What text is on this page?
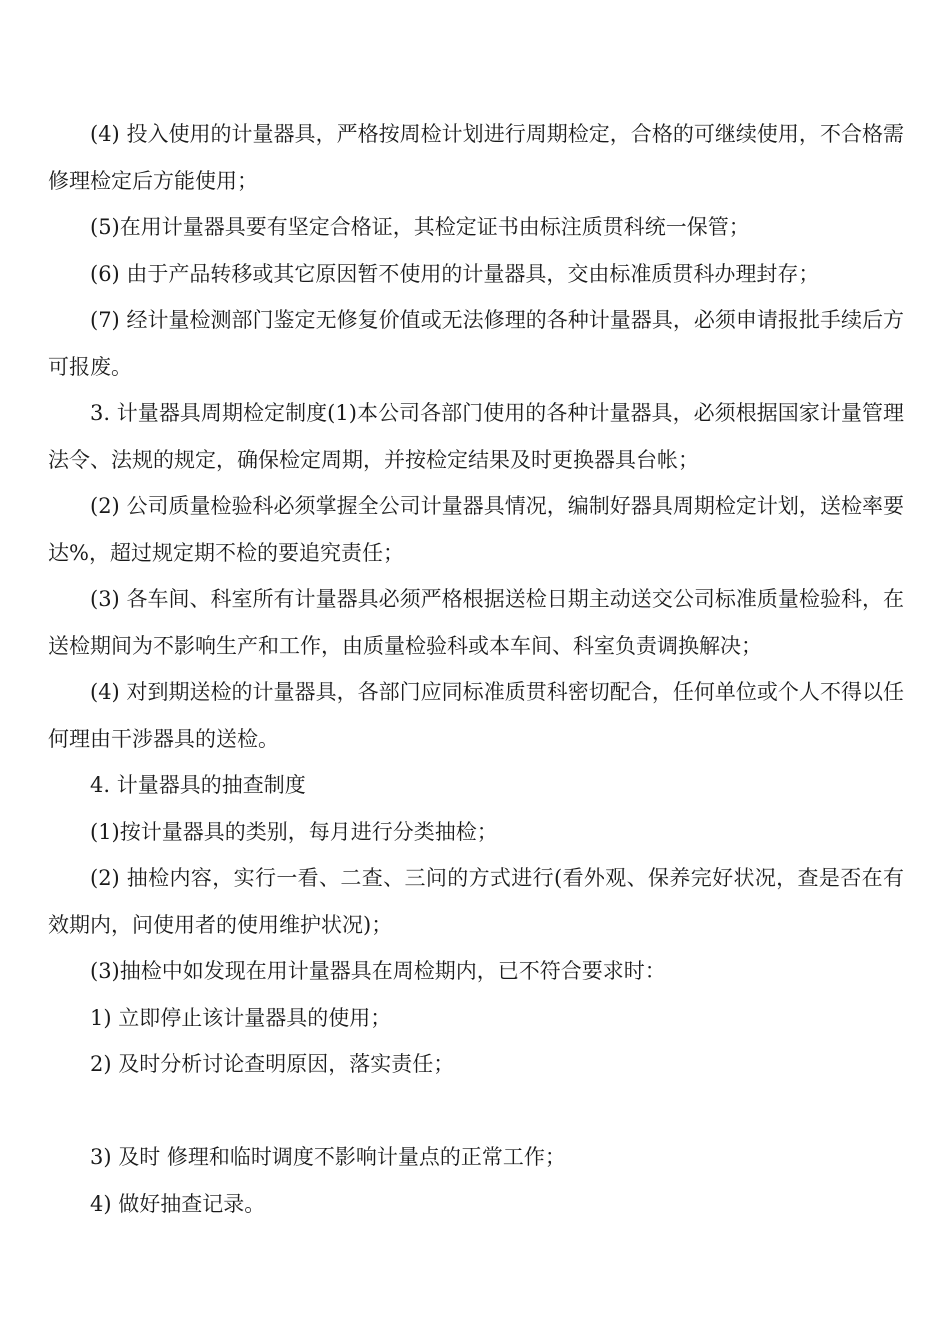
(4) 投入使用的计量器具，严格按周检计划进行周期检定，合格的可继续使用，不合格需修理检定后方能使用；

(5)在用计量器具要有坚定合格证，其检定证书由标注质贯科统一保管；

(6) 由于产品转移或其它原因暂不使用的计量器具，交由标准质贯科办理封存；

(7) 经计量检测部门鉴定无修复价值或无法修理的各种计量器具，必须申请报批手续后方可报废。

3. 计量器具周期检定制度(1)本公司各部门使用的各种计量器具，必须根据国家计量管理法令、法规的规定，确保检定周期，并按检定结果及时更换器具台帐；

(2) 公司质量检验科必须掌握全公司计量器具情况，编制好器具周期检定计划，送检率要达%，超过规定期不检的要追究责任；

(3) 各车间、科室所有计量器具必须严格根据送检日期主动送交公司标准质量检验科，在送检期间为不影响生产和工作，由质量检验科或本车间、科室负责调换解决；

(4) 对到期送检的计量器具，各部门应同标准质贯科密切配合，任何单位或个人不得以任何理由干涉器具的送检。

4. 计量器具的抽查制度

(1)按计量器具的类别，每月进行分类抽检；

(2) 抽检内容，实行一看、二查、三问的方式进行(看外观、保养完好状况，查是否在有效期内，问使用者的使用维护状况)；

(3)抽检中如发现在用计量器具在周检期内，已不符合要求时：

1) 立即停止该计量器具的使用；

2) 及时分析讨论查明原因，落实责任；

3) 及时 修理和临时调度不影响计量点的正常工作；

4) 做好抽查记录。
